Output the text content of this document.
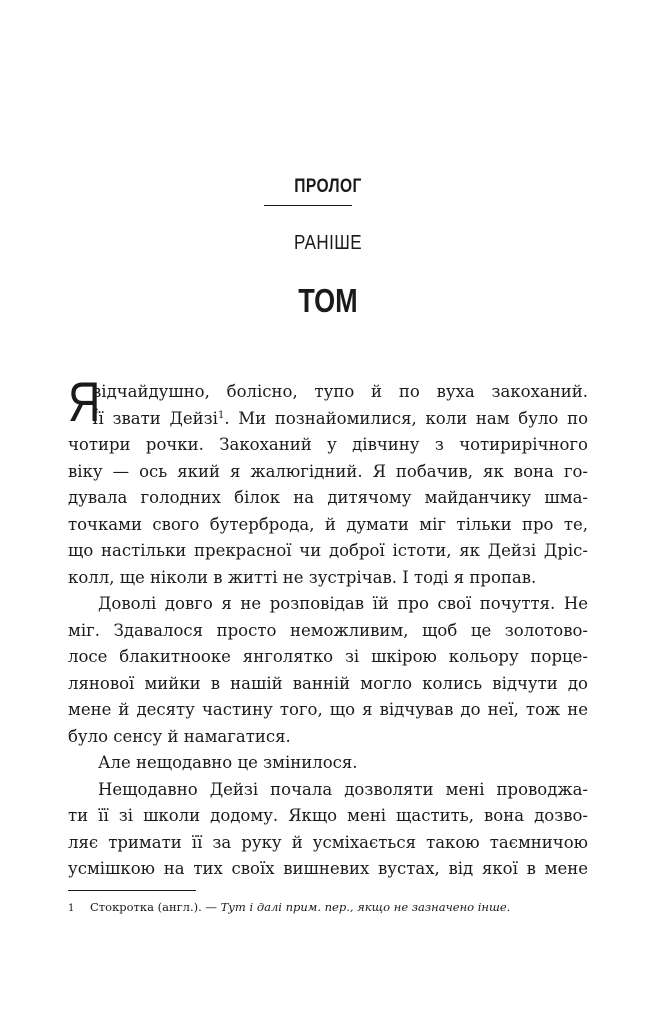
ПРОЛОГ
РАНІШЕ
ТОМ
Я
відчайдушно, болісно, тупо й по вуха закоханий.
Її звати Дейзі$^1$. Ми познайомилися, коли нам було по
чотири рочки. Закоханий у дівчину з чотирирічного
віку — ось який я жалюгідний. Я побачив, як вона го-
дувала голодних білок на дитячому майданчику шма-
точками свого бутерброда, й думати міг тільки про те,
що настільки прекрасної чи доброї істоти, як Дейзі Дріс-
колл, ще ніколи в житті не зустрічав. І тоді я пропав.
Доволі довго я не розповідав їй про свої почуття. Не
міг. Здавалося просто неможливим, щоб це золотово-
лосе блакитнооке янголятко зі шкірою кольору порце-
лянової мийки в нашій ванній могло колись відчути до
мене й десяту частину того, що я відчував до неї, тож не
було сенсу й намагатися.
Але нещодавно це змінилося.
Нещодавно Дейзі почала дозволяти мені проводжа-
ти її зі школи додому. Якщо мені щастить, вона дозво-
ляє тримати її за руку й усміхається такою таємничою
усмішкою на тих своїх вишневих вустах, від якої в мене
1 Стокротка (англ.). — Тут і далі прим. пер., якщо не зазначено інше.
